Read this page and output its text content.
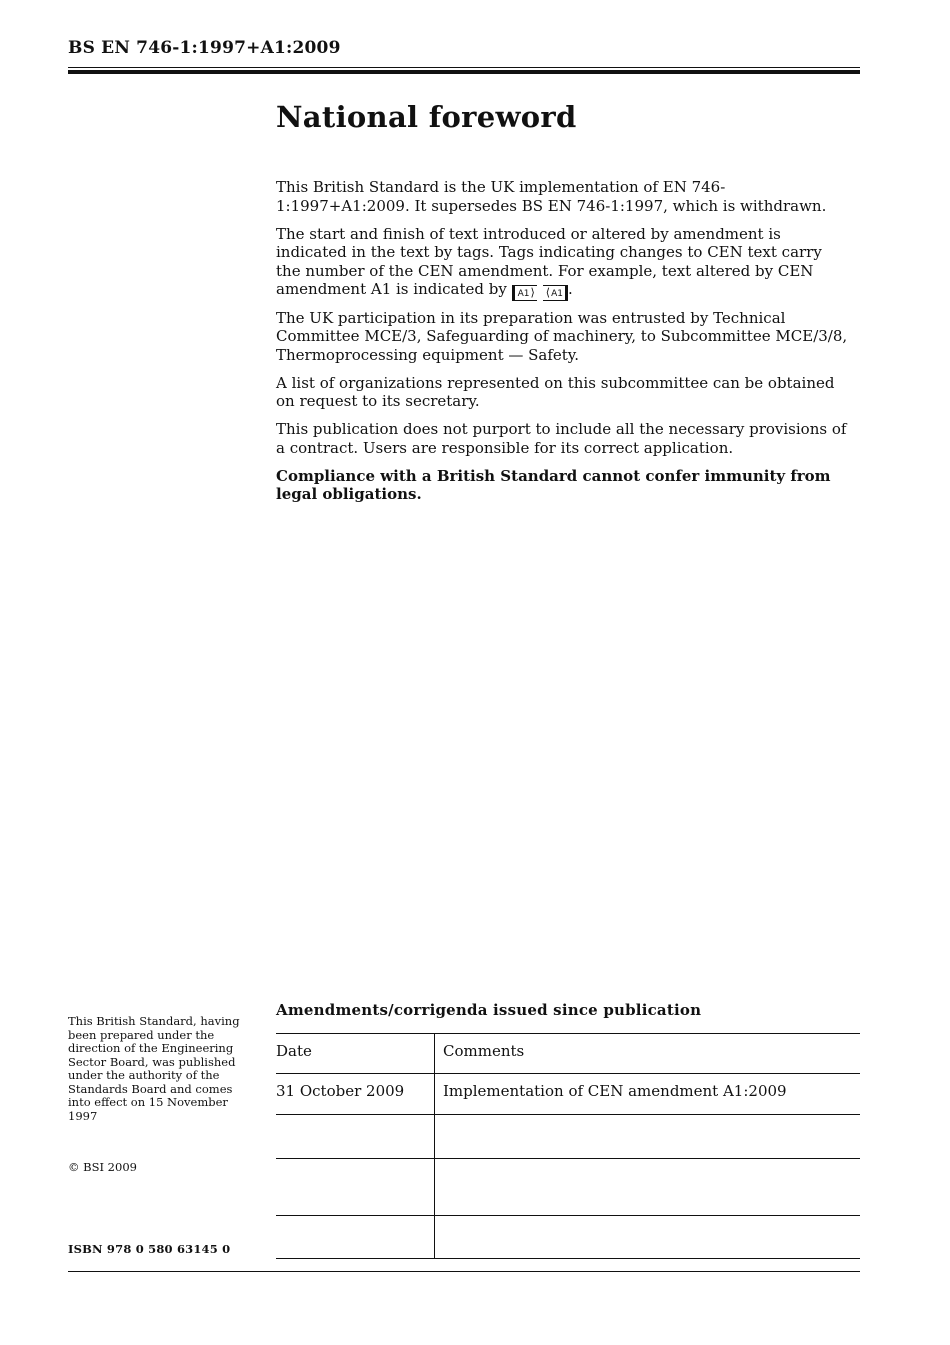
BS EN 746-1:1997+A1:2009
National foreword

This British Standard is the UK implementation of EN 746-1:1997+A1:2009. It supersedes BS EN 746-1:1997, which is withdrawn.

The start and finish of text introduced or altered by amendment is indicated in the text by tags. Tags indicating changes to CEN text carry the number of the CEN amendment. For example, text altered by CEN amendment A1 is indicated by A1 ⟩ ⟨ A1 .

The UK participation in its preparation was entrusted by Technical Committee MCE/3, Safeguarding of machinery, to Subcommittee MCE/3/8, Thermoprocessing equipment — Safety.

A list of organizations represented on this subcommittee can be obtained on request to its secretary.

This publication does not purport to include all the necessary provisions of a contract. Users are responsible for its correct application.

Compliance with a British Standard cannot confer immunity from legal obligations.

This British Standard, having been prepared under the direction of the Engineering Sector Board, was published under the authority of the Standards Board and comes into effect on 15 November 1997
© BSI 2009
ISBN 978 0 580 63145 0
Amendments/corrigenda issued since publication
Date	Comments
31 October 2009	Implementation of CEN amendment A1:2009
